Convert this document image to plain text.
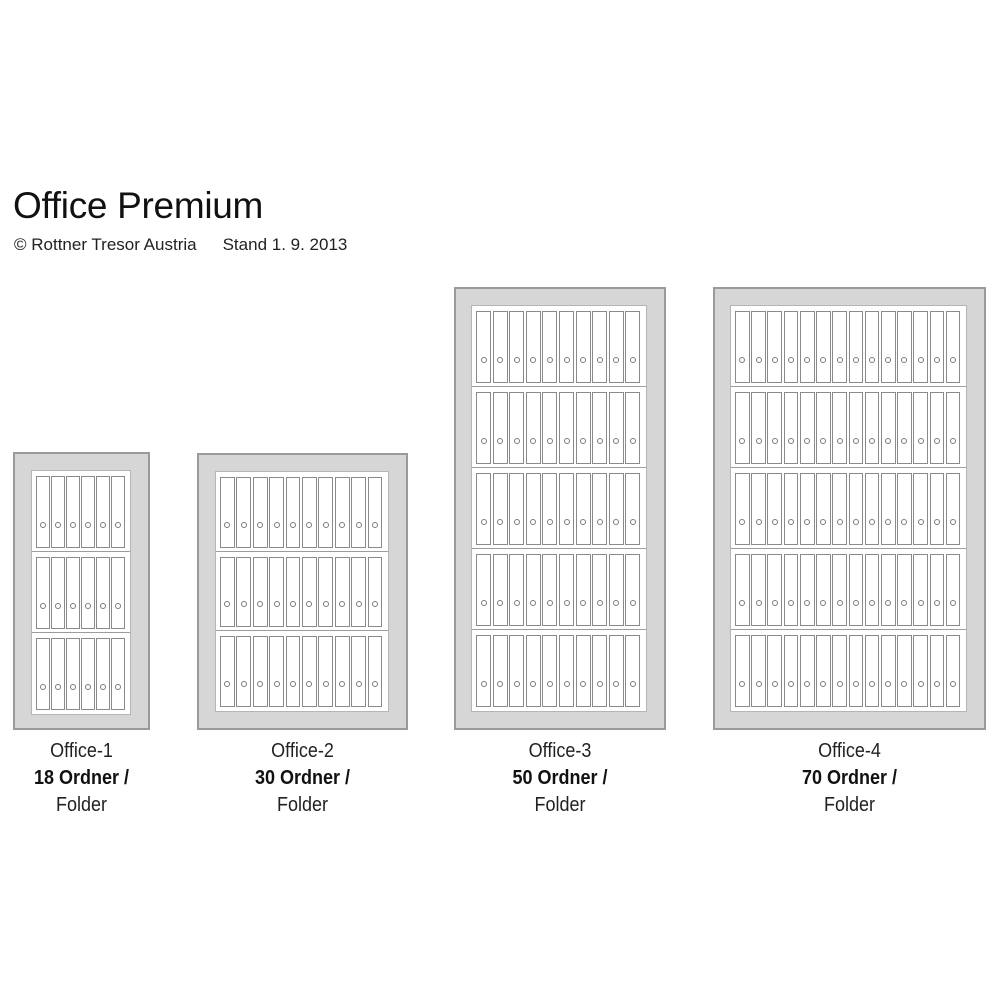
Office Premium
© Rottner Tresor Austria Stand 1. 9. 2013
Office-1
18 Ordner /
Folder
Office-2
30 Ordner /
Folder
Office-3
50 Ordner /
Folder
Office-4
70 Ordner /
Folder
